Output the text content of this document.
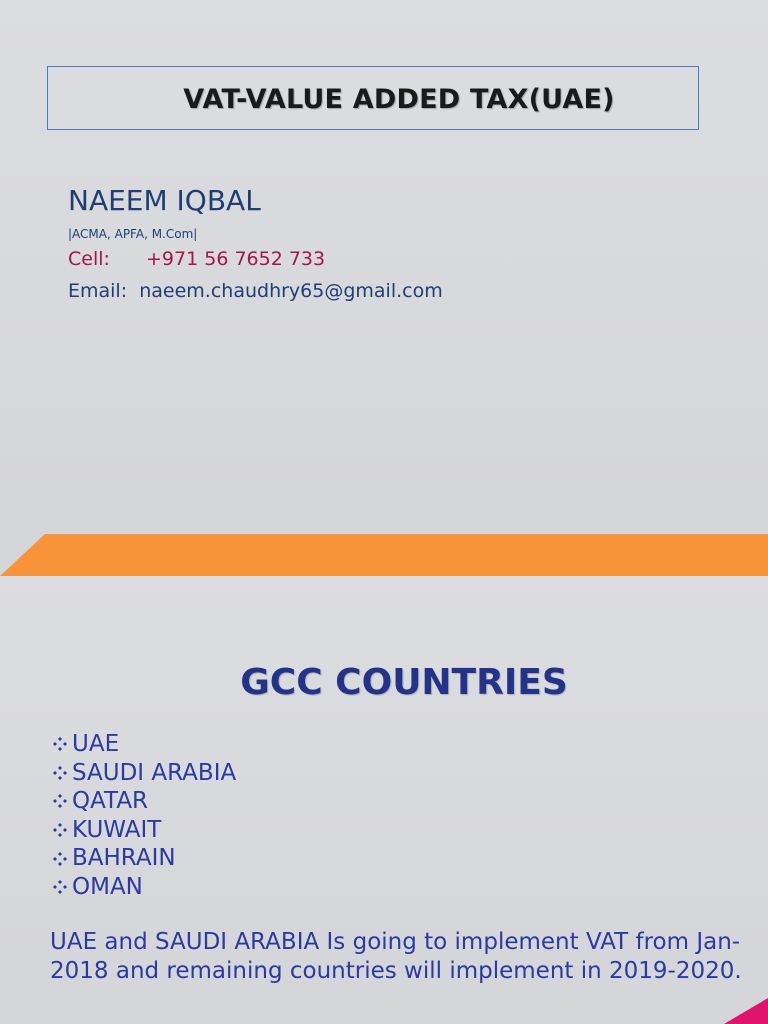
VAT-VALUE ADDED TAX(UAE)
NAEEM IQBAL
|ACMA, APFA, M.Com|
Cell: +971 56 7652 733
Email: naeem.chaudhry65@gmail.com
GCC COUNTRIES
UAE
SAUDI ARABIA
QATAR
KUWAIT
BAHRAIN
OMAN

UAE and SAUDI ARABIA Is going to implement VAT from Jan-2018 and remaining countries will implement in 2019-2020.
